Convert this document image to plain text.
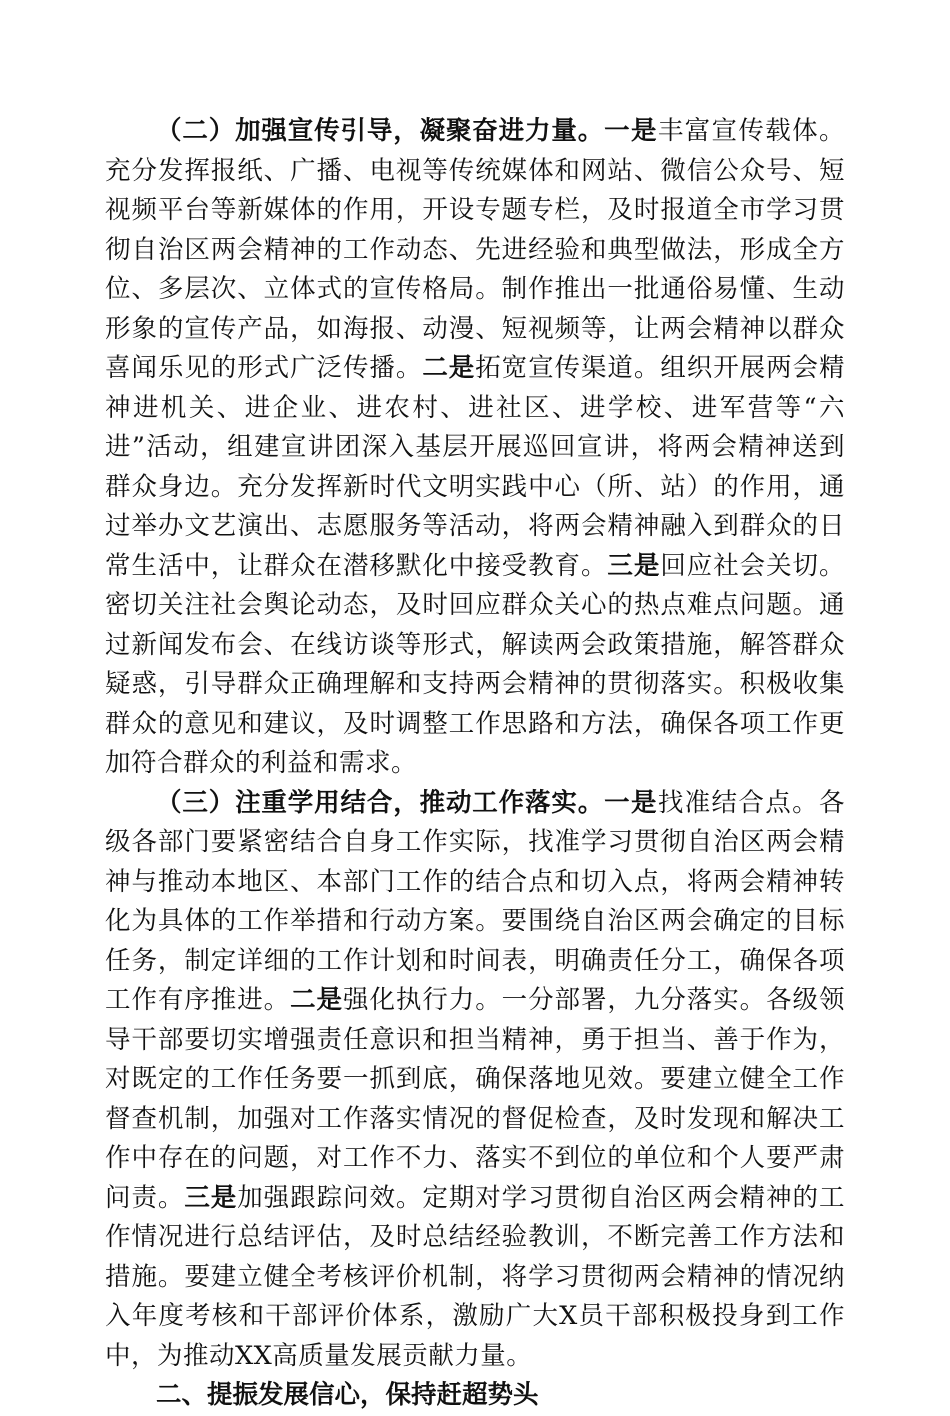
（二）加强宣传引导，凝聚奋进力量。一是丰富宣传载体。充分发挥报纸、广播、电视等传统媒体和网站、微信公众号、短视频平台等新媒体的作用，开设专题专栏，及时报道全市学习贯彻自治区两会精神的工作动态、先进经验和典型做法，形成全方位、多层次、立体式的宣传格局。制作推出一批通俗易懂、生动形象的宣传产品，如海报、动漫、短视频等，让两会精神以群众喜闻乐见的形式广泛传播。二是拓宽宣传渠道。组织开展两会精神进机关、进企业、进农村、进社区、进学校、进军营等“六进”活动，组建宣讲团深入基层开展巡回宣讲，将两会精神送到群众身边。充分发挥新时代文明实践中心（所、站）的作用，通过举办文艺演出、志愿服务等活动，将两会精神融入到群众的日常生活中，让群众在潜移默化中接受教育。三是回应社会关切。密切关注社会舆论动态，及时回应群众关心的热点难点问题。通过新闻发布会、在线访谈等形式，解读两会政策措施，解答群众疑惑，引导群众正确理解和支持两会精神的贯彻落实。积极收集群众的意见和建议，及时调整工作思路和方法，确保各项工作更加符合群众的利益和需求。

（三）注重学用结合，推动工作落实。一是找准结合点。各级各部门要紧密结合自身工作实际，找准学习贯彻自治区两会精神与推动本地区、本部门工作的结合点和切入点，将两会精神转化为具体的工作举措和行动方案。要围绕自治区两会确定的目标任务，制定详细的工作计划和时间表，明确责任分工，确保各项工作有序推进。二是强化执行力。一分部署，九分落实。各级领导干部要切实增强责任意识和担当精神，勇于担当、善于作为，对既定的工作任务要一抓到底，确保落地见效。要建立健全工作督查机制，加强对工作落实情况的督促检查，及时发现和解决工作中存在的问题，对工作不力、落实不到位的单位和个人要严肃问责。三是加强跟踪问效。定期对学习贯彻自治区两会精神的工作情况进行总结评估，及时总结经验教训，不断完善工作方法和措施。要建立健全考核评价机制，将学习贯彻两会精神的情况纳入年度考核和干部评价体系，激励广大X员干部积极投身到工作中，为推动XX高质量发展贡献力量。

二、提振发展信心，保持赶超势头
